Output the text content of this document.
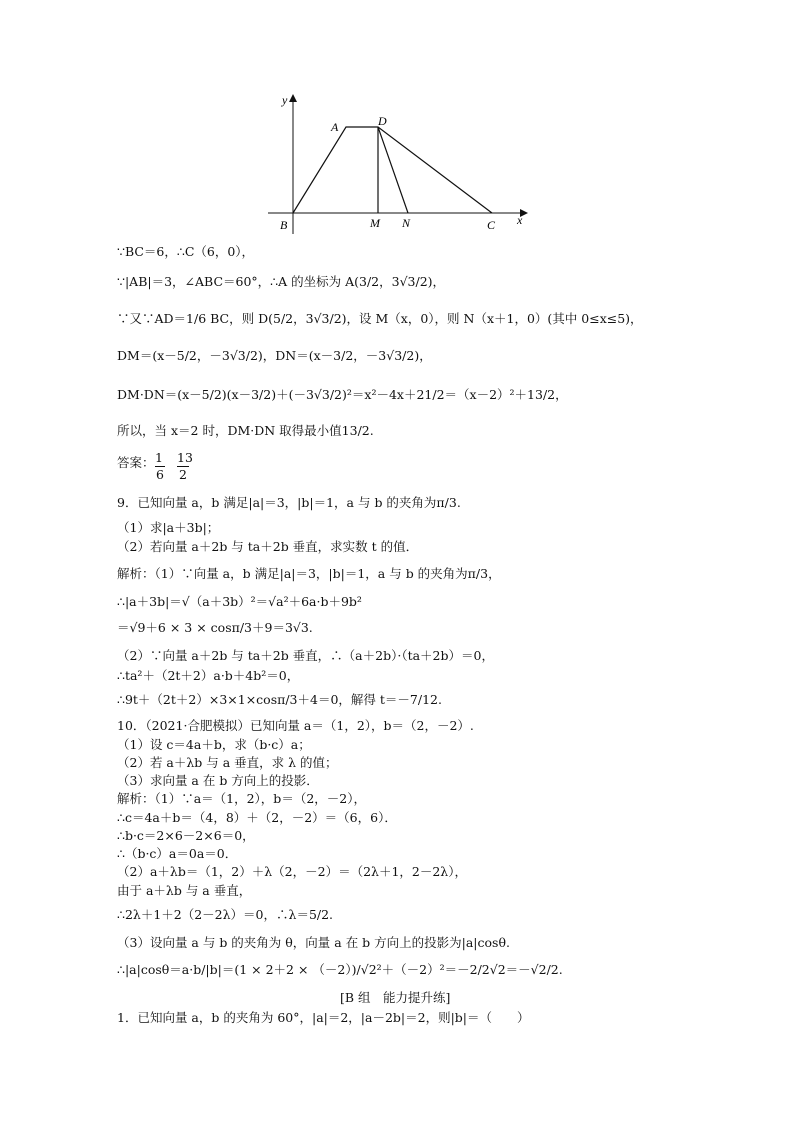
y
x
B
A	D
M N	C
∵BC＝6，∴C（6，0），
∵|AB|＝3，∠ABC＝60°，∴A 的坐标为 A(3/2，3√3/2)，
∵又∵AD＝1/6 BC，则 D(5/2，3√3/2)，设 M（x，0），则 N（x＋1，0）(其中 0≤x≤5)，
DM＝(x－5/2，－3√3/2)，DN＝(x－3/2，－3√3/2)，
DM·DN＝(x－5/2)(x－3/2)＋(－3√3/2)²＝x²－4x＋21/2＝（x－2）²＋13/2，
所以，当 x＝2 时，DM·DN 取得最小值13/2.
答案： 1
6
13
2
9．已知向量 a，b 满足|a|＝3，|b|＝1，a 与 b 的夹角为π/3.
（1）求|a＋3b|；
（2）若向量 a＋2b 与 ta＋2b 垂直，求实数 t 的值．
解析：（1）∵向量 a，b 满足|a|＝3，|b|＝1，a 与 b 的夹角为π/3，
∴|a＋3b|＝√（a＋3b）²＝√a²＋6a·b＋9b²
＝√9＋6 × 3 × cosπ/3＋9＝3√3.
（2）∵向量 a＋2b 与 ta＋2b 垂直，∴（a＋2b）·（ta＋2b）＝0，
∴ta²＋（2t＋2）a·b＋4b²＝0，
∴9t＋（2t＋2）×3×1×cosπ/3＋4＝0，解得 t＝－7/12.
10．（2021·合肥模拟）已知向量 a＝（1，2），b＝（2，－2）.
（1）设 c＝4a＋b，求（b·c）a；
（2）若 a＋λb 与 a 垂直，求 λ 的值；
（3）求向量 a 在 b 方向上的投影．
解析：（1）∵a＝（1，2），b＝（2，－2），
∴c＝4a＋b＝（4，8）＋（2，－2）＝（6，6）．
∴b·c＝2×6－2×6＝0，
∴（b·c）a＝0a＝0．
（2）a＋λb＝（1，2）＋λ（2，－2）＝（2λ＋1，2－2λ），
由于 a＋λb 与 a 垂直，
∴2λ＋1＋2（2－2λ）＝0，∴λ＝5/2.
（3）设向量 a 与 b 的夹角为 θ，向量 a 在 b 方向上的投影为|a|cosθ.
∴|a|cosθ＝a·b/|b|＝(1 × 2＋2 × （－2）)/√2²＋（－2）²＝－2/2√2＝－√2/2.
[B 组　能力提升练]
1．已知向量 a，b 的夹角为 60°，|a|＝2，|a－2b|＝2，则|b|＝（　　）
